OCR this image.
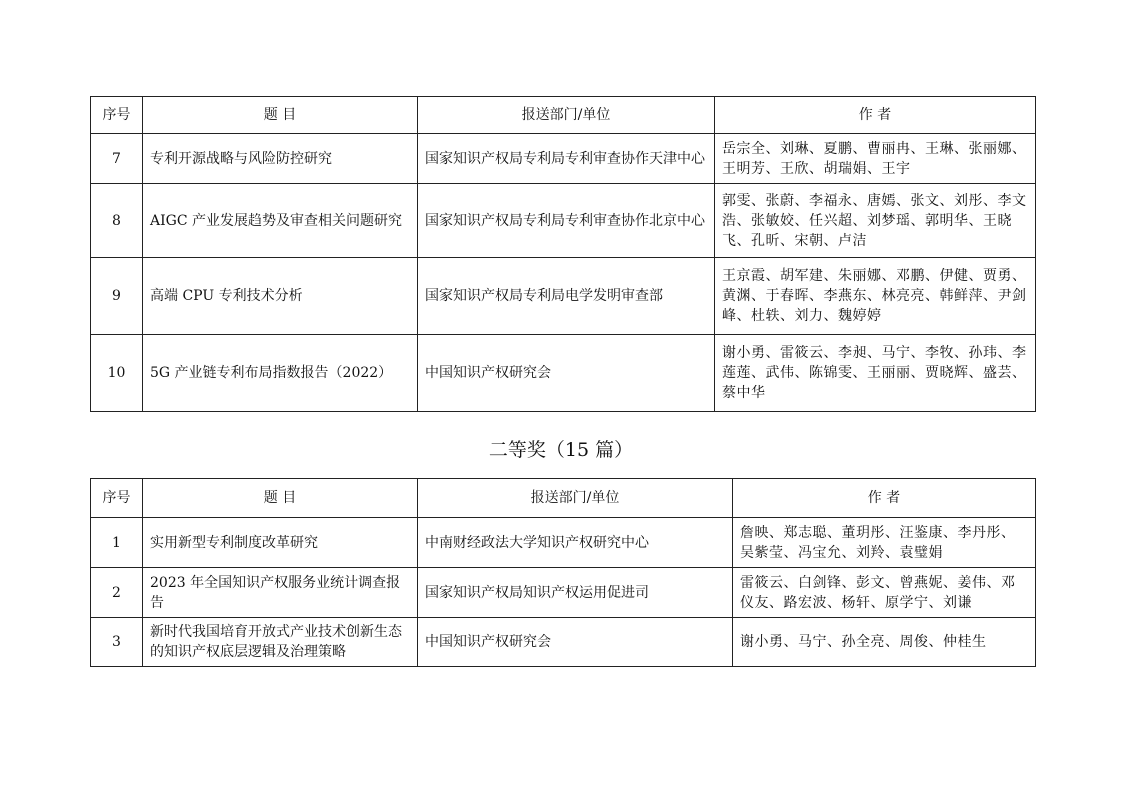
序号	题 目	报送部门/单位	作 者
7	专利开源战略与风险防控研究	国家知识产权局专利局专利审查协作天津中心	岳宗全、刘琳、夏鹏、曹丽冉、王琳、张丽娜、王明芳、王欣、胡瑞娟、王宇
8	AIGC 产业发展趋势及审查相关问题研究	国家知识产权局专利局专利审查协作北京中心	郭雯、张蔚、李福永、唐嫣、张文、刘彤、李文浩、张敏姣、任兴超、刘梦瑶、郭明华、王晓飞、孔昕、宋朝、卢洁
9	高端 CPU 专利技术分析	国家知识产权局专利局电学发明审查部	王京霞、胡军建、朱丽娜、邓鹏、伊健、贾勇、黄渊、于春晖、李燕东、林亮亮、韩鲜萍、尹剑峰、杜轶、刘力、魏婷婷
10	5G 产业链专利布局指数报告（2022）	中国知识产权研究会	谢小勇、雷筱云、李昶、马宁、李牧、孙玮、李莲莲、武伟、陈锦雯、王丽丽、贾晓辉、盛芸、蔡中华
二等奖（15 篇）
序号	题 目	报送部门/单位	作 者
1	实用新型专利制度改革研究	中南财经政法大学知识产权研究中心	詹映、郑志聪、董玥彤、汪鉴康、李丹彤、吴紫莹、冯宝允、刘羚、袁璧娟
2	2023 年全国知识产权服务业统计调查报告	国家知识产权局知识产权运用促进司	雷筱云、白剑锋、彭文、曾燕妮、姜伟、邓仪友、路宏波、杨轩、原学宁、刘谦
3	新时代我国培育开放式产业技术创新生态的知识产权底层逻辑及治理策略	中国知识产权研究会	谢小勇、马宁、孙全亮、周俊、仲桂生
